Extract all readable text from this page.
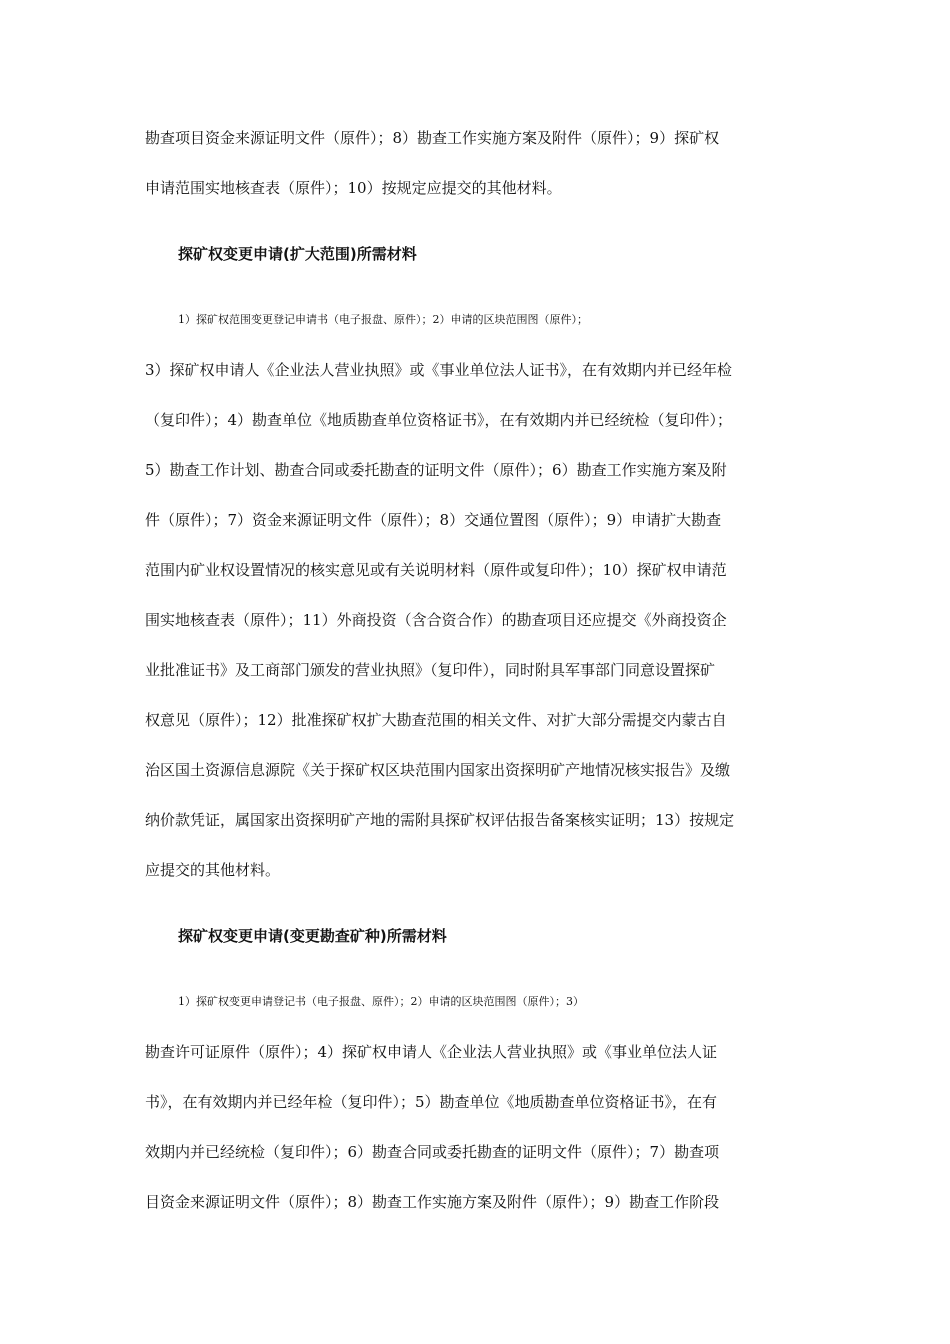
勘查项目资金来源证明文件（原件）；8）勘查工作实施方案及附件（原件）；9）探矿权
申请范围实地核查表（原件）；10）按规定应提交的其他材料。
探矿权变更申请(扩大范围)所需材料
1）探矿权范围变更登记申请书（电子报盘、原件）；2）申请的区块范围图（原件）；
3）探矿权申请人《企业法人营业执照》或《事业单位法人证书》，在有效期内并已经年检
（复印件）；4）勘查单位《地质勘查单位资格证书》，在有效期内并已经统检（复印件）；
5）勘查工作计划、勘查合同或委托勘查的证明文件（原件）；6）勘查工作实施方案及附
件（原件）；7）资金来源证明文件（原件）；8）交通位置图（原件）；9）申请扩大勘查
范围内矿业权设置情况的核实意见或有关说明材料（原件或复印件）；10）探矿权申请范
围实地核查表（原件）；11）外商投资（含合资合作）的勘查项目还应提交《外商投资企
业批准证书》及工商部门颁发的营业执照》（复印件），同时附具军事部门同意设置探矿
权意见（原件）；12）批准探矿权扩大勘查范围的相关文件、对扩大部分需提交内蒙古自
治区国土资源信息源院《关于探矿权区块范围内国家出资探明矿产地情况核实报告》及缴
纳价款凭证，属国家出资探明矿产地的需附具探矿权评估报告备案核实证明；13）按规定
应提交的其他材料。
探矿权变更申请(变更勘查矿种)所需材料
1）探矿权变更申请登记书（电子报盘、原件）；2）申请的区块范围图（原件）；3）
勘查许可证原件（原件）；4）探矿权申请人《企业法人营业执照》或《事业单位法人证
书》，在有效期内并已经年检（复印件）；5）勘查单位《地质勘查单位资格证书》，在有
效期内并已经统检（复印件）；6）勘查合同或委托勘查的证明文件（原件）；7）勘查项
目资金来源证明文件（原件）；8）勘查工作实施方案及附件（原件）；9）勘查工作阶段
